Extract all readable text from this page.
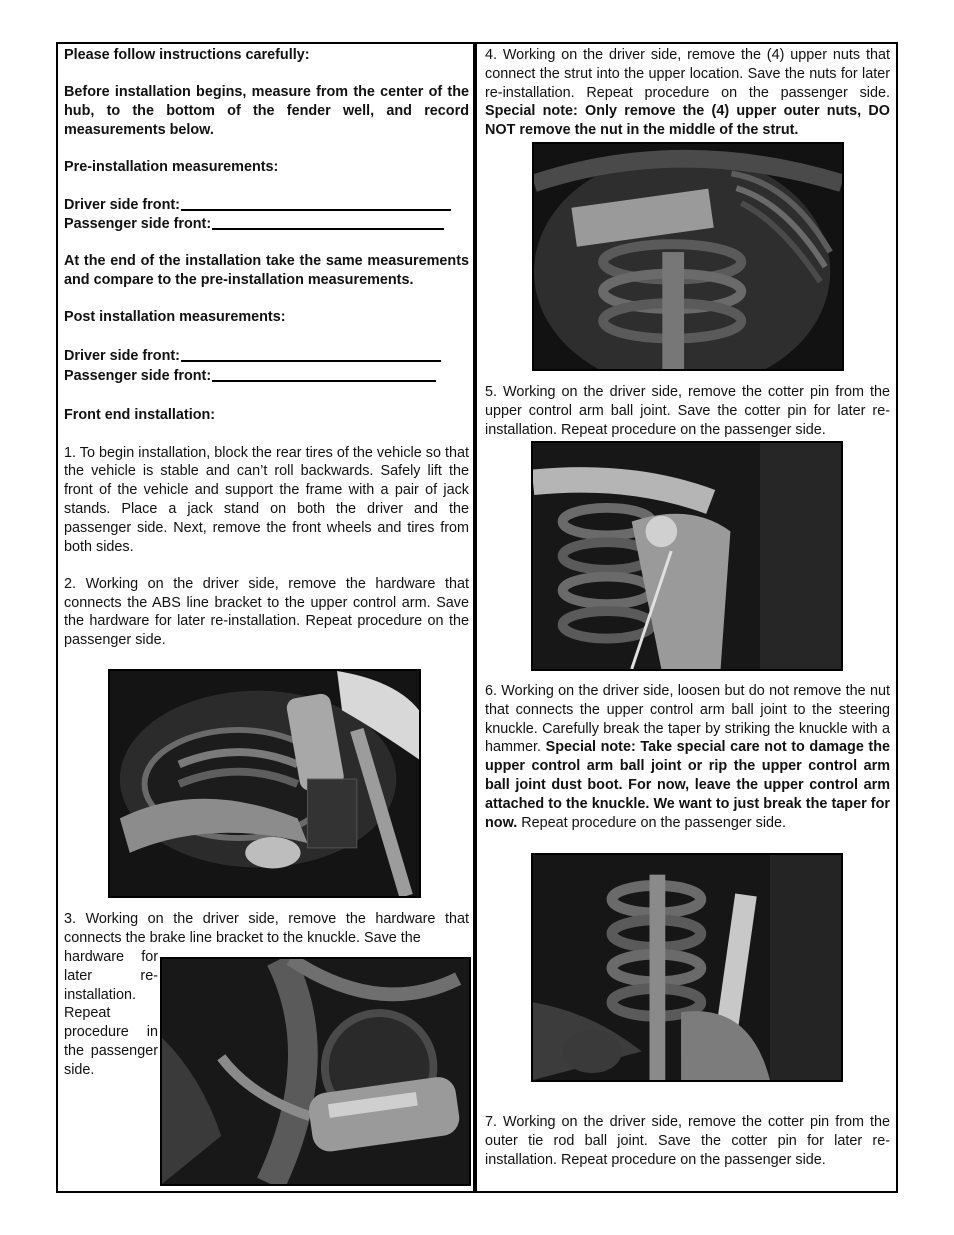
Please follow instructions carefully:

Before installation begins, measure from the center of the hub, to the bottom of the fender well, and record measurements below.

Pre-installation measurements:

Driver side front:
Passenger side front:

At the end of the installation take the same measurements and compare to the pre-installation measurements.

Post installation measurements:

Driver side front:
Passenger side front:

Front end installation:

1. To begin installation, block the rear tires of the vehicle so that the vehicle is stable and can’t roll backwards. Safely lift the front of the vehicle and support the frame with a pair of jack stands. Place a jack stand on both the driver and the passenger side. Next, remove the front wheels and tires from both sides.

2. Working on the driver side, remove the hardware that connects the ABS line bracket to the upper control arm. Save the hardware for later re-installation. Repeat procedure on the passenger side.

3. Working on the driver side, remove the hardware that connects the brake line bracket to the knuckle. Save the

hardware for later re-installation. Repeat procedure in the passenger side.

4. Working on the driver side, remove the (4) upper nuts that connect the strut into the upper location. Save the nuts for later re-installation. Repeat procedure on the passenger side. Special note: Only remove the (4) upper outer nuts, DO NOT remove the nut in the middle of the strut.

5. Working on the driver side, remove the cotter pin from the upper control arm ball joint. Save the cotter pin for later re-installation. Repeat procedure on the passenger side.

6. Working on the driver side, loosen but do not remove the nut that connects the upper control arm ball joint to the steering knuckle. Carefully break the taper by striking the knuckle with a hammer. Special note: Take special care not to damage the upper control arm ball joint or rip the upper control arm ball joint dust boot. For now, leave the upper control arm attached to the knuckle. We want to just break the taper for now. Repeat procedure on the passenger side.

7. Working on the driver side, remove the cotter pin from the outer tie rod ball joint. Save the cotter pin for later re-installation. Repeat procedure on the passenger side.
